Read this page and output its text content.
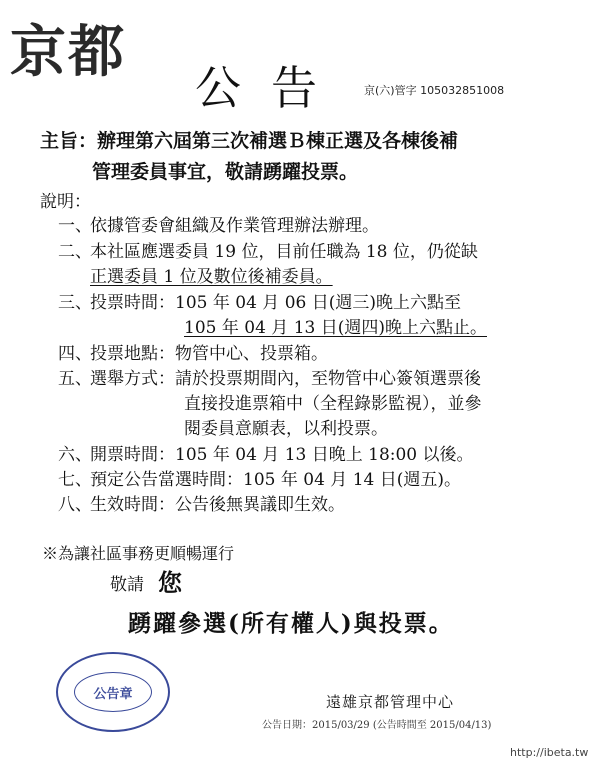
京都
公告 京(六)管字 105032851008
主旨：辦理第六屆第三次補選Ｂ棟正選及各棟後補
管理委員事宜，敬請踴躍投票。
說明：
一、
依據管委會組織及作業管理辦法辦理。
二、
本社區應選委員 19 位，目前任職為 18 位，仍從缺
正選委員 1 位及數位後補委員。
三、
投票時間：105 年 04 月 06 日(週三)晚上六點至
105 年 04 月 13 日(週四)晚上六點止。
四、
投票地點：物管中心、投票箱。
五、
選舉方式：請於投票期間內，至物管中心簽領選票後
直接投進票箱中（全程錄影監視），並參
閱委員意願表，以利投票。
六、
開票時間：105 年 04 月 13 日晚上 18:00 以後。
七、
預定公告當選時間：105 年 04 月 14 日(週五)。
八、
生效時間：公告後無異議即生效。
※為讓社區事務更順暢運行
敬請 您
踴躍參選(所有權人)與投票。
公告章	遠雄京都管理中心
公告日期：2015/03/29 (公告時間至 2015/04/13)
http://ibeta.tw
